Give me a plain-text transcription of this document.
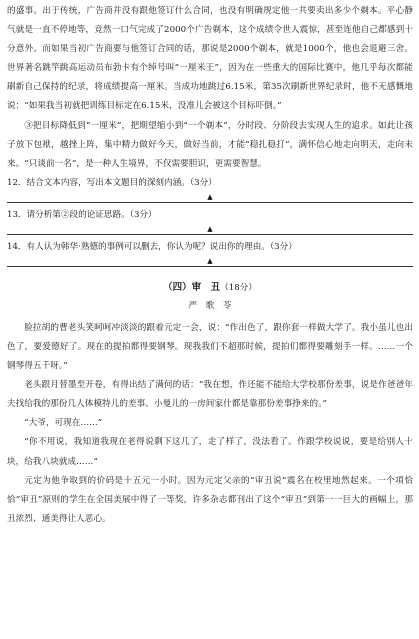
的盛事。出于传统，广告商并没有跟他签订什么合同，也没有明确规定他一共要卖出多少个剃本。平心静气就是一直不停地等，竞然一口气完成了2000个广告剃本，这个成绩令世人震惊，甚至连他自己都感到十分意外。而如果当初广告商要与他签订合同的话，那说是2000个剃本，就是1000个，他也会退避三舍。世界著名跳竿跳高运动员布勃卡有个绰号叫“一厘米王”，因为在一些重大的国际比赛中，他几乎每次都能刷新自己保持的纪录，将成绩提高一厘米。当成功地跳过6.15米，第35次刷新世界纪录时，他不无感慨地说：“如果我当初就把训练目标定在6.15米，没准儿会被这个目标吓倒。”

③把目标降低到“一厘米”，把期望缩小到“一个剃本”，分时段、分阶段去实现人生的追求。如此让孩子放下包袱，越挫上阵，集中精力做好今天，做好当前，才能“稳扎稳打”，满怀信心地走向明天，走向未来。“只谈前一名”，是一种人生境界，不仅需要胆识，更需要智慧。

12．结合文本内容，写出本文题目的深刻内涵。（3分）

▲

13．请分析第②段的论证思路。（3分）

▲

14．有人认为韩华·熟德的事例可以删去，你认为呢？说出你的理由。（3分）

▲
（四）审　丑（18分）
严　歌　苓

脸拉胡的曹老头笑呵呵冲淡淡的跟着元定一会，说：“作出色了，跟你套一样做大学了。我小虽儿也出色了，要爱德好了。现在的提拍都得要钢琴。现我我们不超那时候，提拍们都得要雕刻手一样。……一个钢琴得五千呀。”

老头跟月替墨至开卷，有得出结了满何的话：“我在想，作还能不能给大学校那份差事，说是作爸爸年夫找给我的那份几人体模特儿的差事。小曼儿的一房间家什都是靠那份差事挣来的。”

“大爷，可现在……”

“你不用说，我知道我现在老得说剩下这几了，走了样了，没法看了。作跟学校说说，要是给别人十块，给我八块就成……”

元定为他争取到的价码是十五元一小时。因为元定父亲的“审丑说”震名在校里地然起来。一个項恰恰“审丑”原则的学生在全国美展中得了一等奖，许多杂志都刊出了这个“审丑”到第一一巨大的画幅上，那丑浓烈、通美得让人恶心。
